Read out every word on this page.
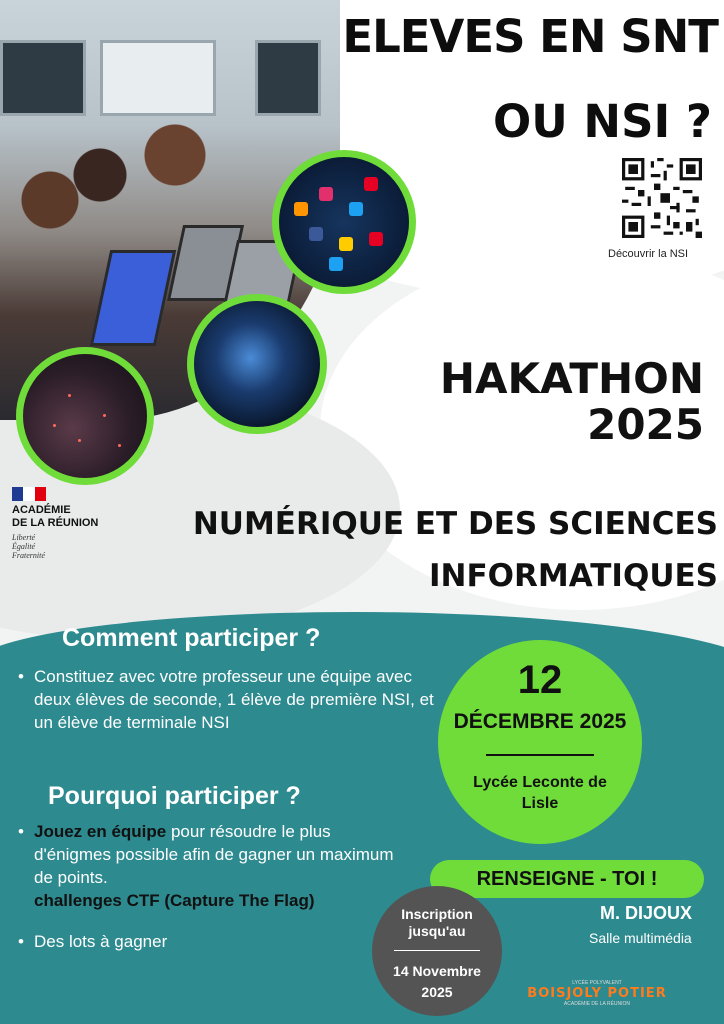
ELEVES EN SNT
OU NSI ?
Découvrir la NSI
HAKATHON
2025
ACADÉMIE
DE LA RÉUNION
Liberté
Égalité
Fraternité
NUMÉRIQUE ET DES SCIENCES
INFORMATIQUES
Comment participer ?
• Constituez avec votre professeur une équipe avec deux élèves de seconde, 1 élève de première NSI, et un élève de terminale NSI
Pourquoi participer ?
• Jouez en équipe pour résoudre le plus d'énigmes possible afin de gagner un maximum de points.
challenges CTF (Capture The Flag)
• Des lots à gagner
12
DÉCEMBRE 2025
Lycée Leconte de Lisle
RENSEIGNE - TOI !
M. DIJOUX
Salle multimédia
Inscription jusqu'au
14 Novembre 2025
LYCÉE POLYVALENT
BOISJOLY POTIER
ACADÉMIE DE LA RÉUNION
